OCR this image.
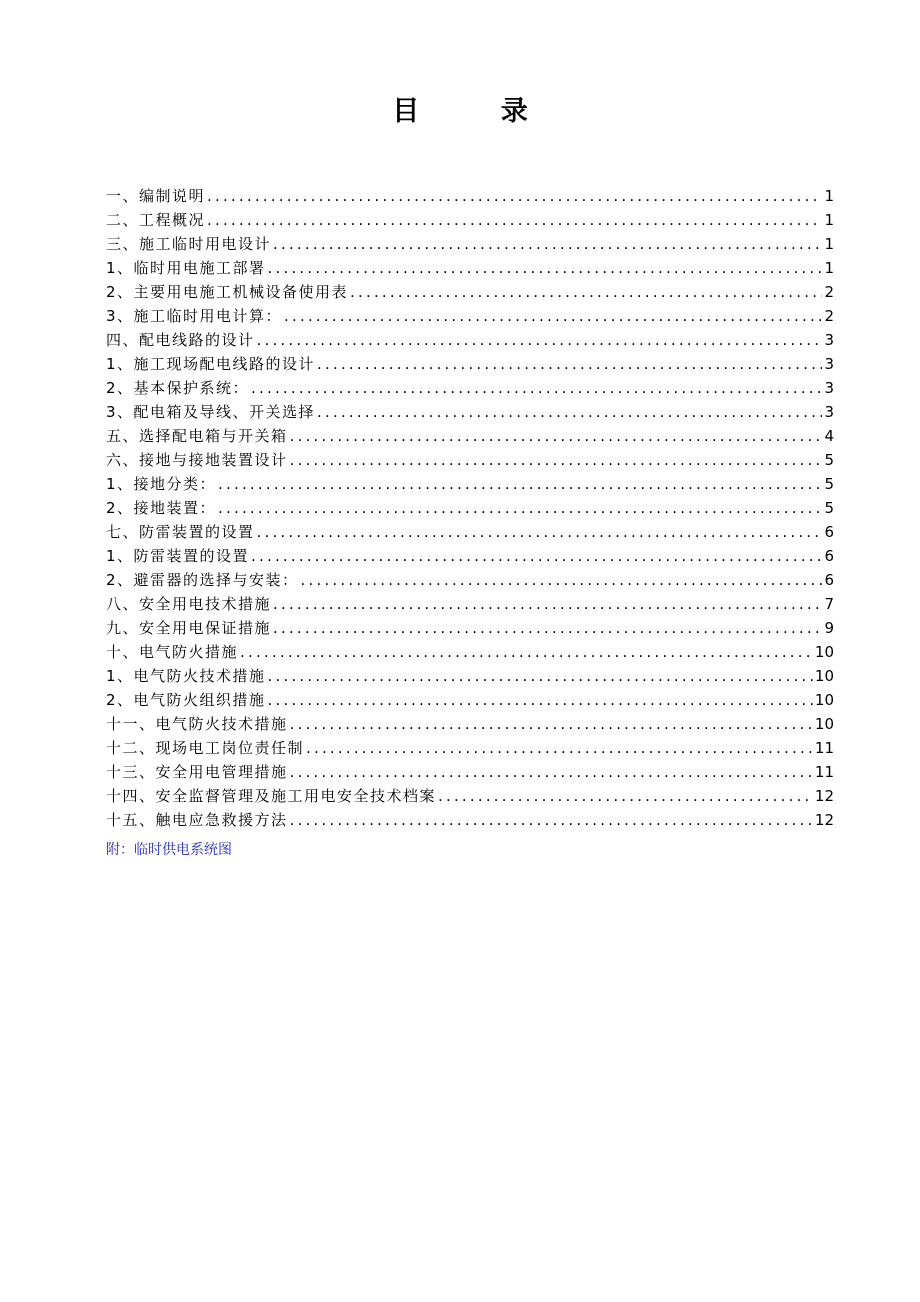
目 录
一、编制说明 .....	1
二、工程概况 .....	1
三、施工临时用电设计 .....	1
1、临时用电施工部署 .....	1
2、主要用电施工机械设备使用表 .....	2
3、施工临时用电计算： .....	2
四、配电线路的设计 .....	3
1、施工现场配电线路的设计 .....	3
2、基本保护系统： .....	3
3、配电箱及导线、开关选择 .....	3
五、选择配电箱与开关箱 .....	4
六、接地与接地装置设计 .....	5
1、接地分类： .....	5
2、接地装置： .....	5
七、防雷装置的设置 .....	6
1、防雷装置的设置 .....	6
2、避雷器的选择与安装： .....	6
八、安全用电技术措施 .....	7
九、安全用电保证措施 .....	9
十、电气防火措施 .....	10
1、电气防火技术措施 .....	10
2、电气防火组织措施 .....	10
十一、电气防火技术措施 .....	10
十二、现场电工岗位责任制 .....	11
十三、安全用电管理措施 .....	11
十四、安全监督管理及施工用电安全技术档案 .....	12
十五、触电应急救援方法 .....	12
附：临时供电系统图
